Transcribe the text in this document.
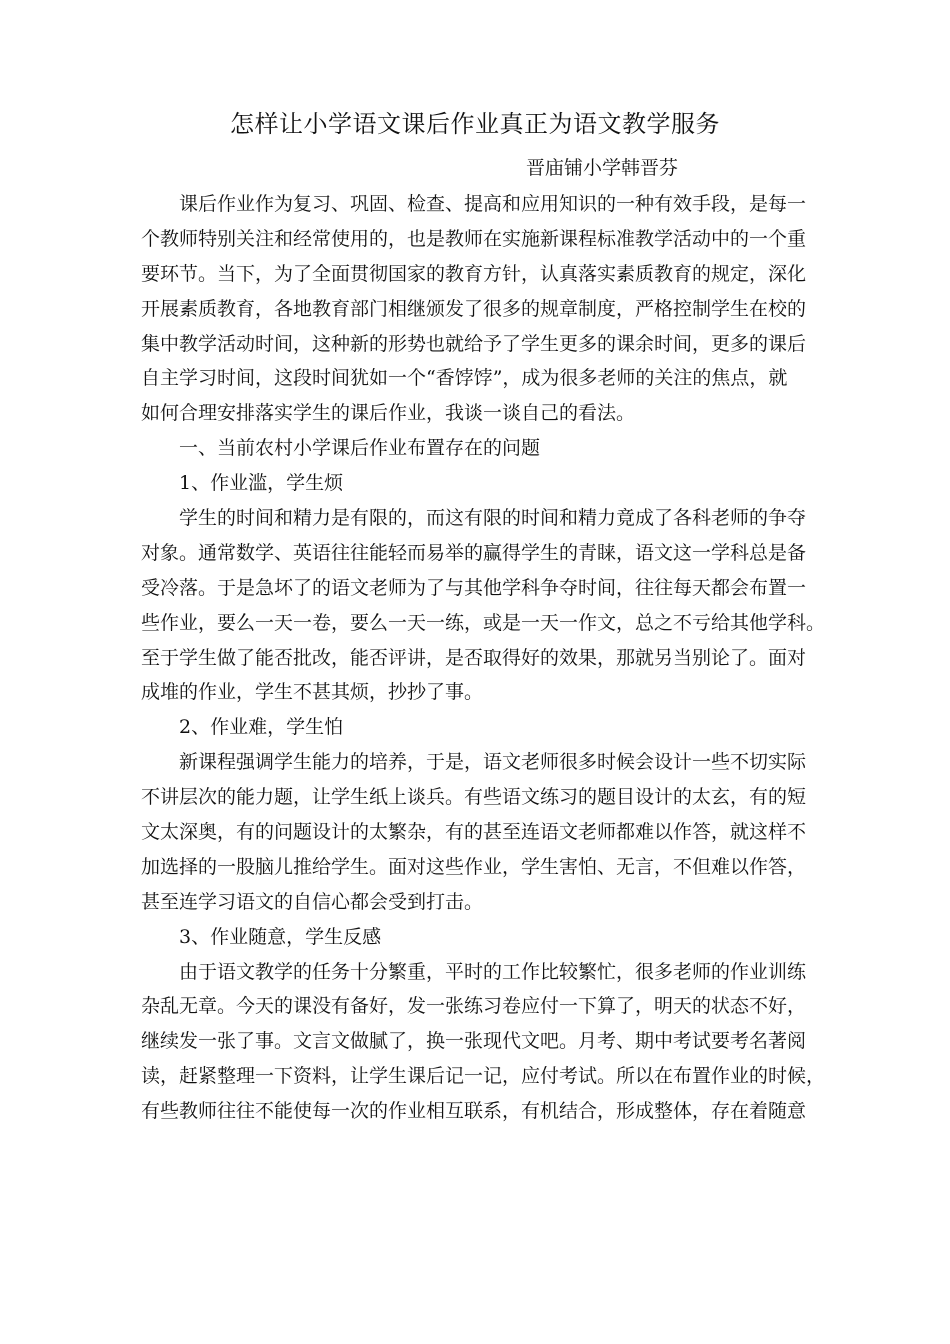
怎样让小学语文课后作业真正为语文教学服务
晋庙铺小学韩晋芬
课后作业作为复习、巩固、检查、提高和应用知识的一种有效手段，是每一
个教师特别关注和经常使用的，也是教师在实施新课程标准教学活动中的一个重
要环节。当下，为了全面贯彻国家的教育方针，认真落实素质教育的规定，深化
开展素质教育，各地教育部门相继颁发了很多的规章制度，严格控制学生在校的
集中教学活动时间，这种新的形势也就给予了学生更多的课余时间，更多的课后
自主学习时间，这段时间犹如一个“香饽饽”，成为很多老师的关注的焦点，就
如何合理安排落实学生的课后作业，我谈一谈自己的看法。
一、当前农村小学课后作业布置存在的问题
1、作业滥，学生烦
学生的时间和精力是有限的，而这有限的时间和精力竟成了各科老师的争夺
对象。通常数学、英语往往能轻而易举的赢得学生的青睐，语文这一学科总是备
受冷落。于是急坏了的语文老师为了与其他学科争夺时间，往往每天都会布置一
些作业，要么一天一卷，要么一天一练，或是一天一作文，总之不亏给其他学科。
至于学生做了能否批改，能否评讲，是否取得好的效果，那就另当别论了。面对
成堆的作业，学生不甚其烦，抄抄了事。
2、作业难，学生怕
新课程强调学生能力的培养，于是，语文老师很多时候会设计一些不切实际
不讲层次的能力题，让学生纸上谈兵。有些语文练习的题目设计的太玄，有的短
文太深奥，有的问题设计的太繁杂，有的甚至连语文老师都难以作答，就这样不
加选择的一股脑儿推给学生。面对这些作业，学生害怕、无言，不但难以作答，
甚至连学习语文的自信心都会受到打击。
3、作业随意，学生反感
由于语文教学的任务十分繁重，平时的工作比较繁忙，很多老师的作业训练
杂乱无章。今天的课没有备好，发一张练习卷应付一下算了，明天的状态不好，
继续发一张了事。文言文做腻了，换一张现代文吧。月考、期中考试要考名著阅
读，赶紧整理一下资料，让学生课后记一记，应付考试。所以在布置作业的时候，
有些教师往往不能使每一次的作业相互联系，有机结合，形成整体，存在着随意
